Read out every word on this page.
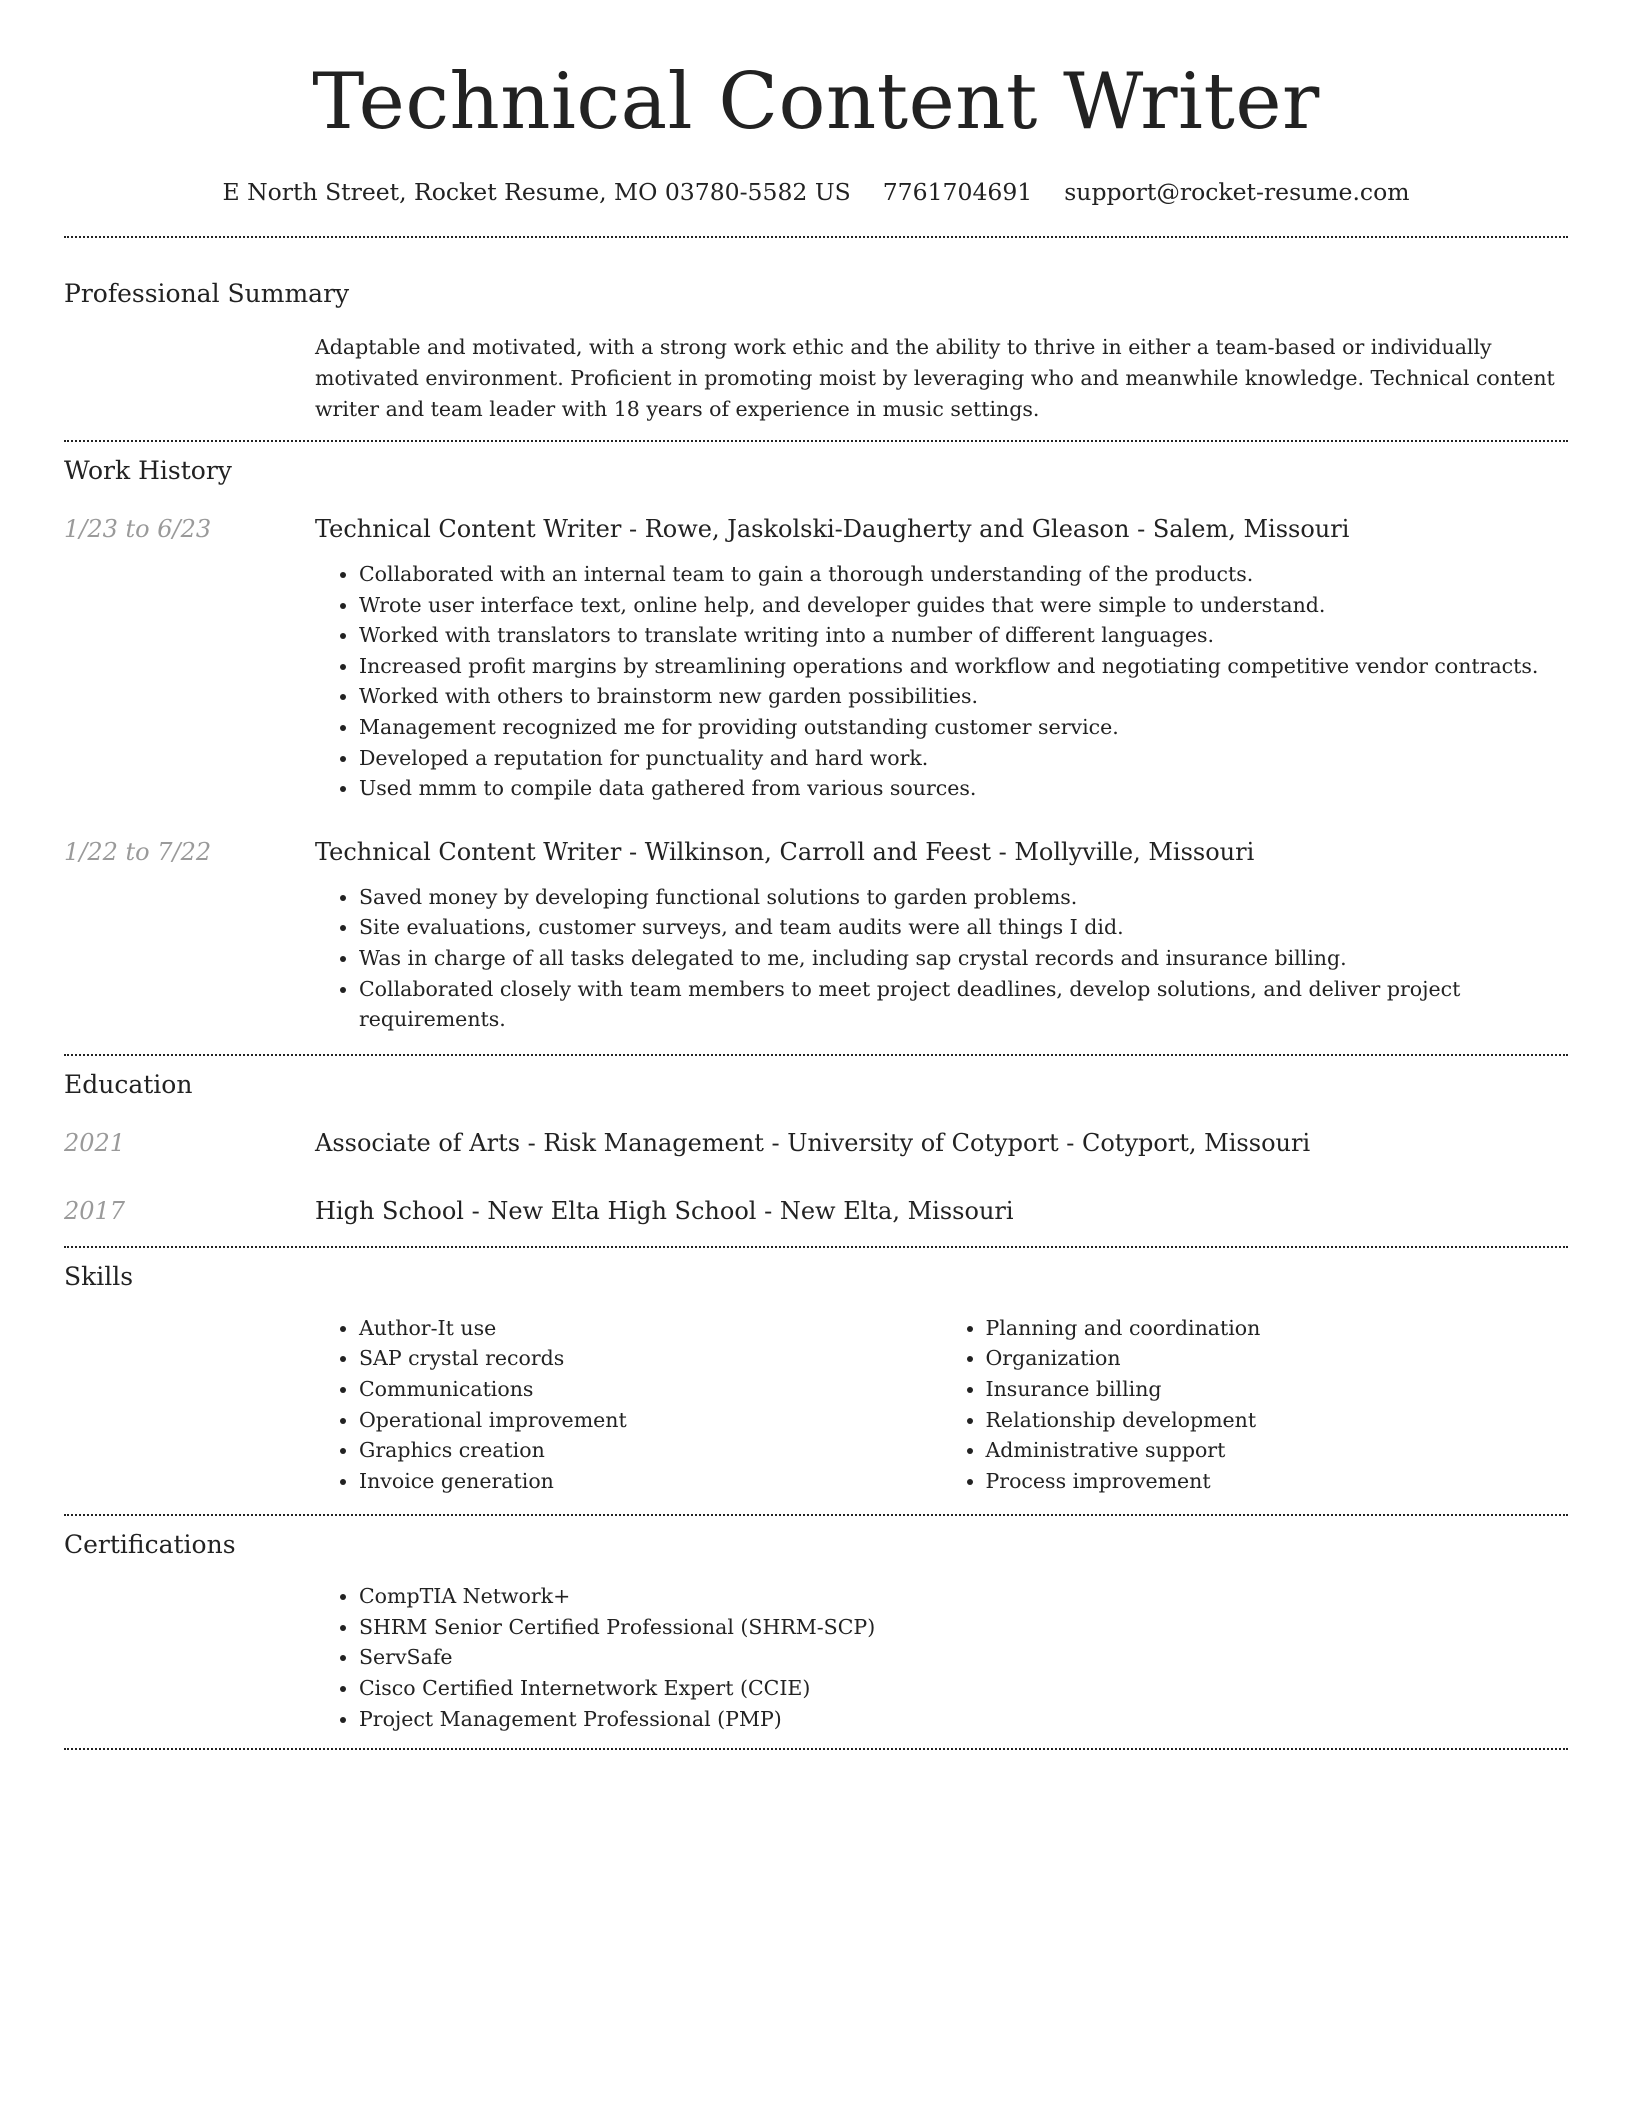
Technical Content Writer
E North Street, Rocket Resume, MO 03780-5582 US 7761704691 support@rocket-resume.com
Professional Summary

Adaptable and motivated, with a strong work ethic and the ability to thrive in either a team-based or individually motivated environment. Proficient in promoting moist by leveraging who and meanwhile knowledge. Technical content writer and team leader with 18 years of experience in music settings.

Work History
1/23 to 6/23	Technical Content Writer - Rowe, Jaskolski-Daugherty and Gleason - Salem, Missouri

• Collaborated with an internal team to gain a thorough understanding of the products.
• Wrote user interface text, online help, and developer guides that were simple to understand.
• Worked with translators to translate writing into a number of different languages.
• Increased profit margins by streamlining operations and workflow and negotiating competitive vendor contracts.
• Worked with others to brainstorm new garden possibilities.
• Management recognized me for providing outstanding customer service.
• Developed a reputation for punctuality and hard work.
• Used mmm to compile data gathered from various sources.
1/22 to 7/22	Technical Content Writer - Wilkinson, Carroll and Feest - Mollyville, Missouri

• Saved money by developing functional solutions to garden problems.
• Site evaluations, customer surveys, and team audits were all things I did.
• Was in charge of all tasks delegated to me, including sap crystal records and insurance billing.
• Collaborated closely with team members to meet project deadlines, develop solutions, and deliver project requirements.
Education
2021	Associate of Arts - Risk Management - University of Cotyport - Cotyport, Missouri

2017	High School - New Elta High School - New Elta, Missouri

Skills
• Author-It use
• SAP crystal records
• Communications
• Operational improvement
• Graphics creation
• Invoice generation
• Planning and coordination
• Organization
• Insurance billing
• Relationship development
• Administrative support
• Process improvement
Certifications
• CompTIA Network+
• SHRM Senior Certified Professional (SHRM-SCP)
• ServSafe
• Cisco Certified Internetwork Expert (CCIE)
• Project Management Professional (PMP)
